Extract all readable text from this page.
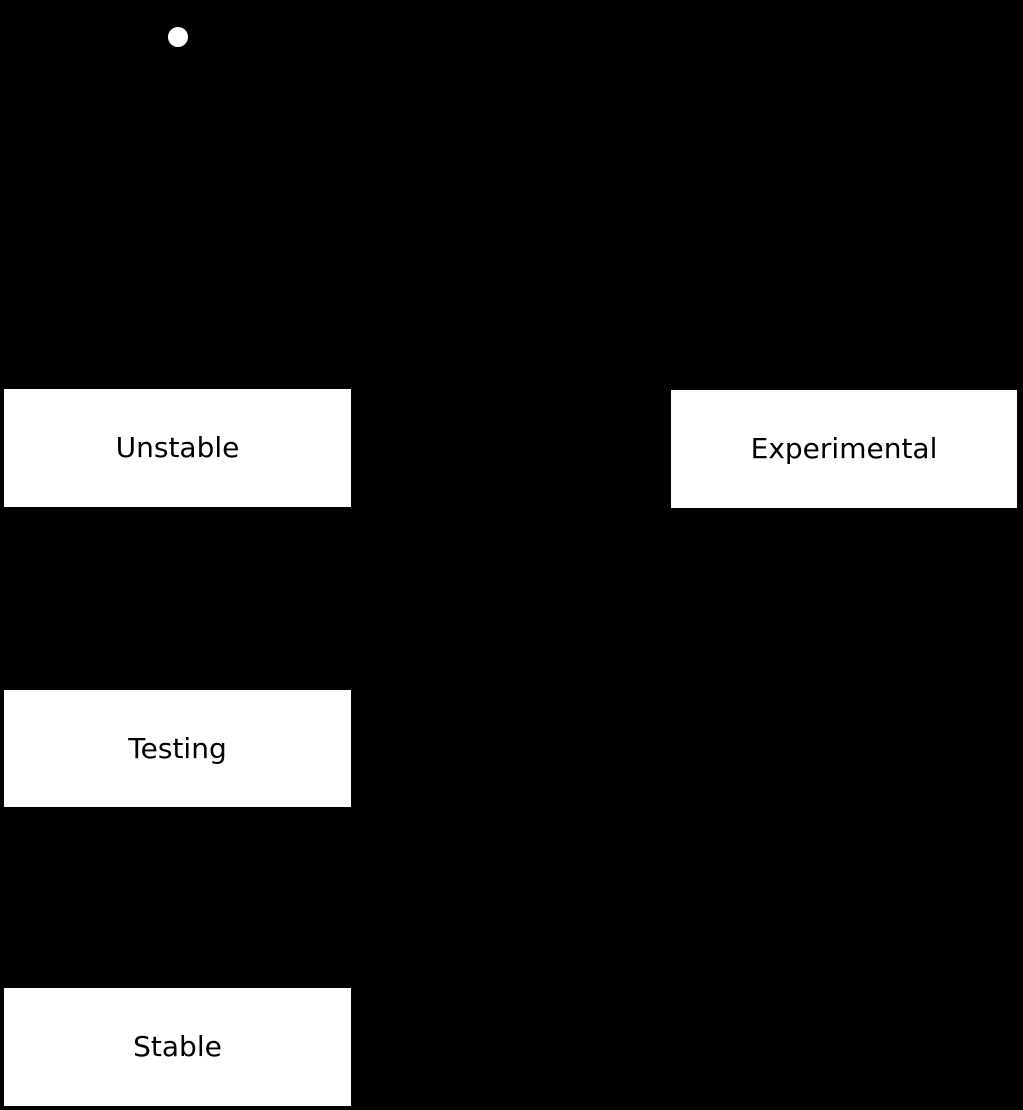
Unstable	Experimental
Testing
Stable
